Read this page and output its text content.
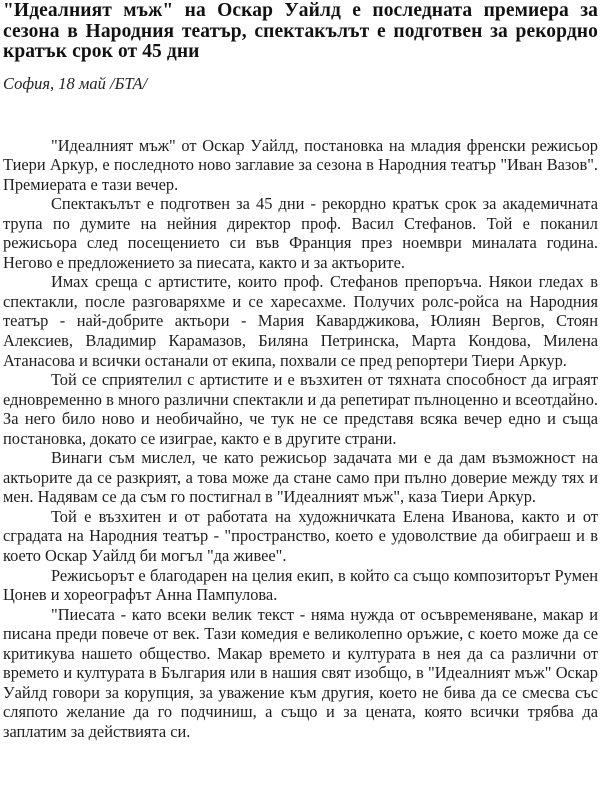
"Идеалният мъж" на Оскар Уайлд е последната премиера за сезона в Народния театър, спектакълът е подготвен за рекордно кратък срок от 45 дни

София, 18 май /БТА/

"Идеалният мъж" от Оскар Уайлд, постановка на младия френски режисьор Тиери Аркур, е последното ново заглавие за сезона в Народния театър "Иван Вазов". Премиерата е тази вечер.

Спектакълът е подготвен за 45 дни - рекордно кратък срок за академичната трупа по думите на нейния директор проф. Васил Стефанов. Той е поканил режисьора след посещението си във Франция през ноември миналата година. Негово е предложението за пиесата, както и за актьорите.

Имах среща с артистите, които проф. Стефанов препоръча. Някои гледах в спектакли, после разговаряхме и се харесахме. Получих ролс-ройса на Народния театър - най-добрите актьори - Мария Каварджикова, Юлиян Вергов, Стоян Алексиев, Владимир Карамазов, Биляна Петринска, Марта Кондова, Милена Атанасова и всички останали от екипа, похвали се пред репортери Тиери Аркур.

Той се сприятелил с артистите и е възхитен от тяхната способност да играят едновременно в много различни спектакли и да репетират пълноценно и всеотдайно. За него било ново и необичайно, че тук не се представя всяка вечер едно и съща постановка, докато се изиграе, както е в другите страни.

Винаги съм мислел, че като режисьор задачата ми е да дам възможност на актьорите да се разкрият, а това може да стане само при пълно доверие между тях и мен. Надявам се да съм го постигнал в "Идеалният мъж", каза Тиери Аркур.

Той е възхитен и от работата на художничката Елена Иванова, както и от сградата на Народния театър - "пространство, което е удоволствие да обиграеш и в което Оскар Уайлд би могъл "да живее".

Режисьорът е благодарен на целия екип, в който са също композиторът Румен Цонев и хореографът Анна Пампулова.

"Пиесата - като всеки велик текст - няма нужда от осъвременяване, макар и писана преди повече от век. Тази комедия е великолепно оръжие, с което може да се критикува нашето общество. Макар времето и културата в нея да са различни от времето и културата в България или в нашия свят изобщо, в "Идеалният мъж" Оскар Уайлд говори за корупция, за уважение към другия, което не бива да се смесва със сляпото желание да го подчиниш, а също и за цената, която всички трябва да заплатим за действията си.
